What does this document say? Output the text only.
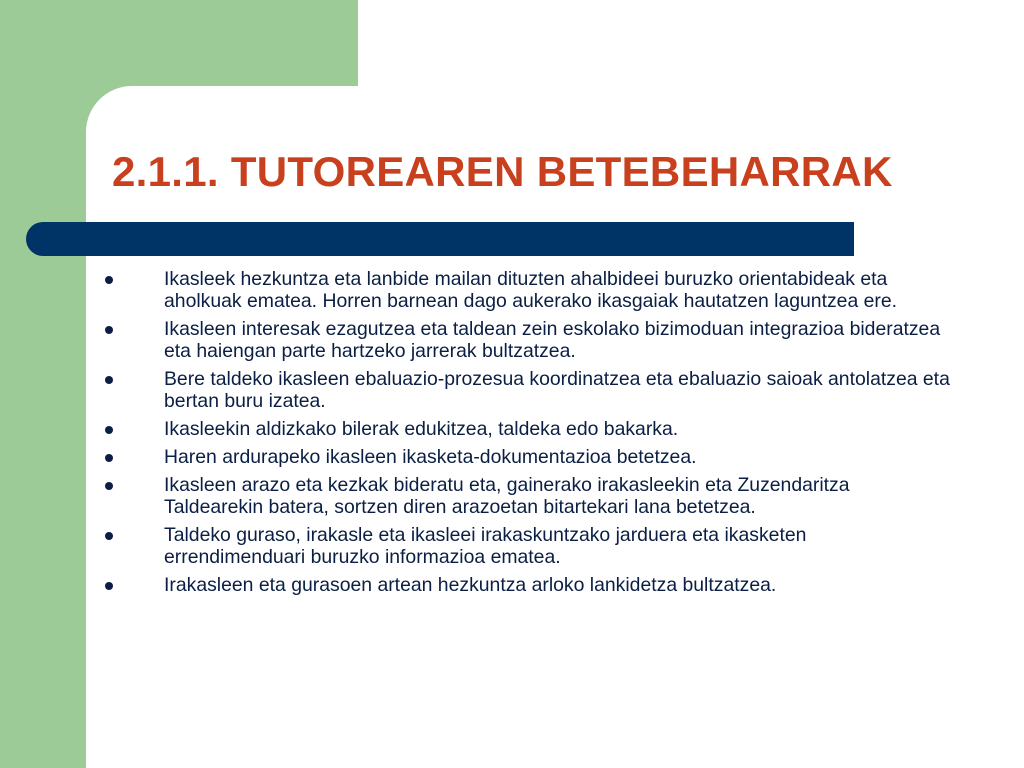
2.1.1. TUTOREAREN BETEBEHARRAK
Ikasleek hezkuntza eta lanbide mailan dituzten ahalbideei buruzko orientabideak eta aholkuak ematea. Horren barnean dago aukerako ikasgaiak hautatzen laguntzea ere.
Ikasleen interesak ezagutzea eta taldean zein eskolako bizimoduan integrazioa bideratzea eta haiengan parte hartzeko jarrerak bultzatzea.
Bere taldeko ikasleen ebaluazio-prozesua koordinatzea eta ebaluazio saioak antolatzea eta bertan buru izatea.
Ikasleekin aldizkako bilerak edukitzea, taldeka edo bakarka.
Haren ardurapeko ikasleen ikasketa-dokumentazioa betetzea.
Ikasleen arazo eta kezkak bideratu eta, gainerako irakasleekin eta Zuzendaritza Taldearekin batera, sortzen diren arazoetan bitartekari lana betetzea.
Taldeko guraso, irakasle eta ikasleei irakaskuntzako jarduera eta ikasketen errendimenduari buruzko informazioa ematea.
Irakasleen eta gurasoen artean hezkuntza arloko lankidetza bultzatzea.
